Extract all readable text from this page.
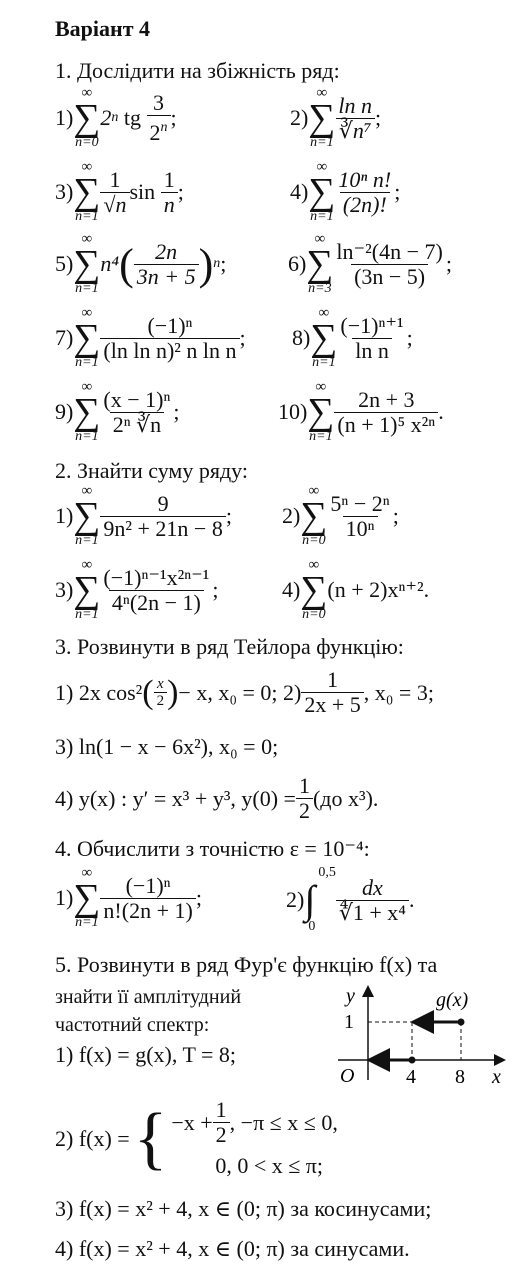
Варіант 4
1. Дослідити на збіжність ряд:
1)
∞
∑
n=0
2 n
tg
$\frac{3}{2^n}$ ;	2)
∞
∑
$n=1 \frac{\text{ln n}}{\text{∛n⁷}}$ ;
3)
∞
∑
$n=1 \frac{1}{√n}$ sin
$\frac{1}{n}$ ;	4)
∞
∑
$n=1 \frac{\text{10ⁿ n!}}{(2n)!}$ ;
5)
∞
∑
n=1
n⁴ ( $\frac{2n}{3n + 5}$ ) n ;	6)
∞
∑
$n=3 \frac{\text{ln⁻²(4n − 7)}}{(3n - 5)}$ ;
7)
∞
∑
$n=1 \frac{\text{(−1)ⁿ}}{\text{(ln ln n)² n ln n}}$ ; 8)
∞
∑
$n=1 \frac{\text{(−1)ⁿ⁺¹}}{\text{ln n}}$ ;
9)
∞
∑
$n=1 \frac{\text{(x − 1)ⁿ}}{\text{2ⁿ ∛n}}$ ;	10)
∞
∑
$n=1 \frac{2n + 3}{\text{(n + 1)⁵ x²ⁿ}}$ .
2. Знайти суму ряду:
1)
∞
∑
$n=1 \frac{9}{\text{9n² + 21n − 8}}$ ; 2)
∞
∑
$n=0 \frac{\text{5ⁿ − 2ⁿ}}{\text{10ⁿ}}$ ;
3)
∞
∑
$n=1 \frac{\text{(−1)ⁿ⁻¹x²ⁿ⁻¹}}{\text{4ⁿ(2n − 1)}}$ ;	4)
∞
∑
n=0
(n + 2)xⁿ⁺².
3. Розвинути в ряд Тейлора функцію:
1) 2x cos² ( $\frac{x}{2}$ ) − x, x₀ = 0; $2) \frac{1}{2x + 5}$ , x₀ = 3;
3) ln(1 − x − 6x²), x₀ = 0;
4) y(x) : y′ = x³ + y³, $y(0) = \frac{1}{2} (до$ x³).
4. Обчислити з точністю ε = 10⁻⁴:
1)
∞
∑
$n=1 \frac{\text{(−1)ⁿ}}{n!(2n + 1)}$ ;	2)
0,5
∫
0
$\frac{dx}{\text{∜1 + x⁴}}$ .
5. Розвинути в ряд Фур'є функцію f(x) та
знайти її амплітудний
частотний спектр:
1) f(x) = g(x), T = 8;
y	g(x)
1
O	4 8 x
2) f(x) = { $-x + \frac{1}{2}$ , −π ≤ x ≤ 0,
0, 0 < x ≤ π;
3) f(x) = x² + 4, x ∈ (0; π) за косинусами;
4) f(x) = x² + 4, x ∈ (0; π) за синусами.
